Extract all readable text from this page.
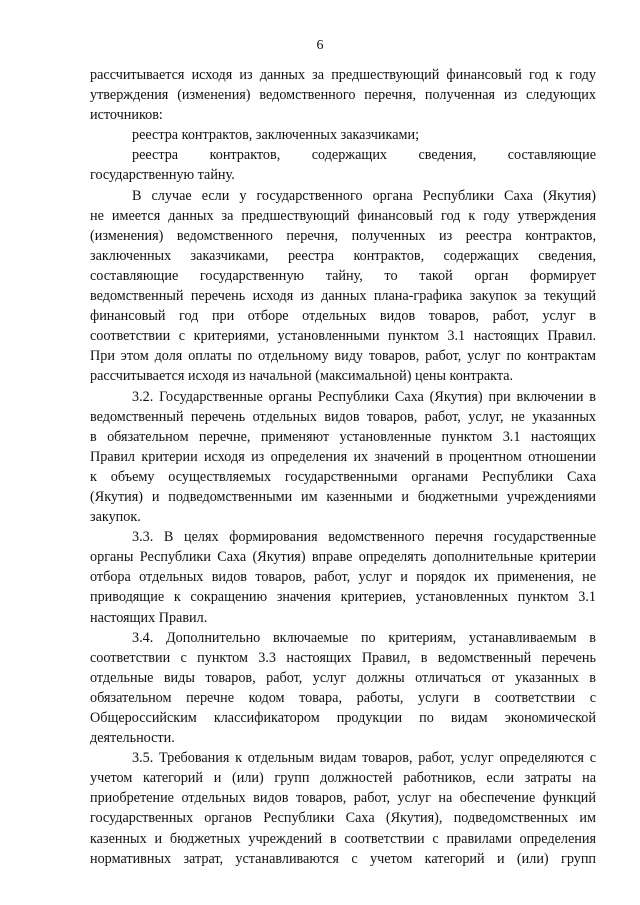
6
рассчитывается исходя из данных за предшествующий финансовый год к году
утверждения (изменения) ведомственного перечня, полученная из следующих
источников:
реестра контрактов, заключенных заказчиками;
реестра контрактов, содержащих сведения, составляющие
государственную тайну.
В случае если у государственного органа Республики Саха (Якутия)
не имеется данных за предшествующий финансовый год к году утверждения
(изменения) ведомственного перечня, полученных из реестра контрактов,
заключенных заказчиками, реестра контрактов, содержащих сведения,
составляющие государственную тайну, то такой орган формирует
ведомственный перечень исходя из данных плана-графика закупок за текущий
финансовый год при отборе отдельных видов товаров, работ, услуг в
соответствии с критериями, установленными пунктом 3.1 настоящих Правил.
При этом доля оплаты по отдельному виду товаров, работ, услуг по контрактам
рассчитывается исходя из начальной (максимальной) цены контракта.
3.2. Государственные органы Республики Саха (Якутия) при включении в
ведомственный перечень отдельных видов товаров, работ, услуг, не указанных
в обязательном перечне, применяют установленные пунктом 3.1 настоящих
Правил критерии исходя из определения их значений в процентном отношении
к объему осуществляемых государственными органами Республики Саха
(Якутия) и подведомственными им казенными и бюджетными учреждениями
закупок.
3.3. В целях формирования ведомственного перечня государственные
органы Республики Саха (Якутия) вправе определять дополнительные критерии
отбора отдельных видов товаров, работ, услуг и порядок их применения, не
приводящие к сокращению значения критериев, установленных пунктом 3.1
настоящих Правил.
3.4. Дополнительно включаемые по критериям, устанавливаемым в
соответствии с пунктом 3.3 настоящих Правил, в ведомственный перечень
отдельные виды товаров, работ, услуг должны отличаться от указанных в
обязательном перечне кодом товара, работы, услуги в соответствии с
Общероссийским классификатором продукции по видам экономической
деятельности.
3.5. Требования к отдельным видам товаров, работ, услуг определяются с
учетом категорий и (или) групп должностей работников, если затраты на
приобретение отдельных видов товаров, работ, услуг на обеспечение функций
государственных органов Республики Саха (Якутия), подведомственных им
казенных и бюджетных учреждений в соответствии с правилами определения
нормативных затрат, устанавливаются с учетом категорий и (или) групп
